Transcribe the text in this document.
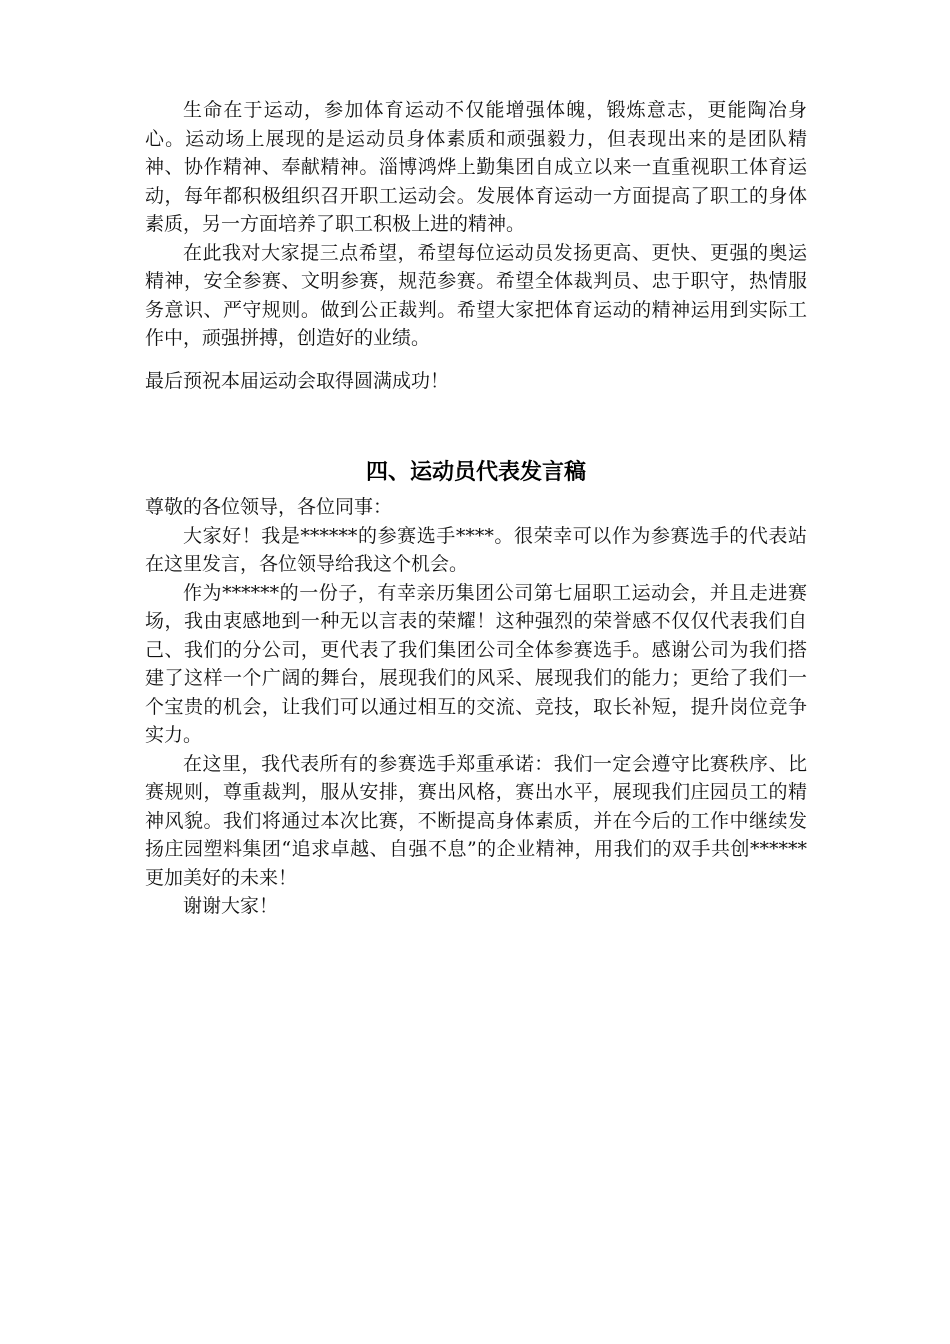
生命在于运动，参加体育运动不仅能增强体魄，锻炼意志，更能陶冶身心。运动场上展现的是运动员身体素质和顽强毅力，但表现出来的是团队精神、协作精神、奉献精神。淄博鸿烨上勤集团自成立以来一直重视职工体育运动，每年都积极组织召开职工运动会。发展体育运动一方面提高了职工的身体素质，另一方面培养了职工积极上进的精神。

在此我对大家提三点希望，希望每位运动员发扬更高、更快、更强的奥运精神，安全参赛、文明参赛，规范参赛。希望全体裁判员、忠于职守，热情服务意识、严守规则。做到公正裁判。希望大家把体育运动的精神运用到实际工作中，顽强拼搏，创造好的业绩。

最后预祝本届运动会取得圆满成功！

四、运动员代表发言稿

尊敬的各位领导，各位同事：

大家好！我是******的参赛选手****。很荣幸可以作为参赛选手的代表站在这里发言，各位领导给我这个机会。

作为******的一份子，有幸亲历集团公司第七届职工运动会，并且走进赛场，我由衷感地到一种无以言表的荣耀！这种强烈的荣誉感不仅仅代表我们自己、我们的分公司，更代表了我们集团公司全体参赛选手。感谢公司为我们搭建了这样一个广阔的舞台，展现我们的风采、展现我们的能力；更给了我们一个宝贵的机会，让我们可以通过相互的交流、竞技，取长补短，提升岗位竞争实力。

在这里，我代表所有的参赛选手郑重承诺：我们一定会遵守比赛秩序、比赛规则，尊重裁判，服从安排，赛出风格，赛出水平，展现我们庄园员工的精神风貌。我们将通过本次比赛，不断提高身体素质，并在今后的工作中继续发扬庄园塑料集团“追求卓越、自强不息”的企业精神，用我们的双手共创******更加美好的未来！

谢谢大家！
